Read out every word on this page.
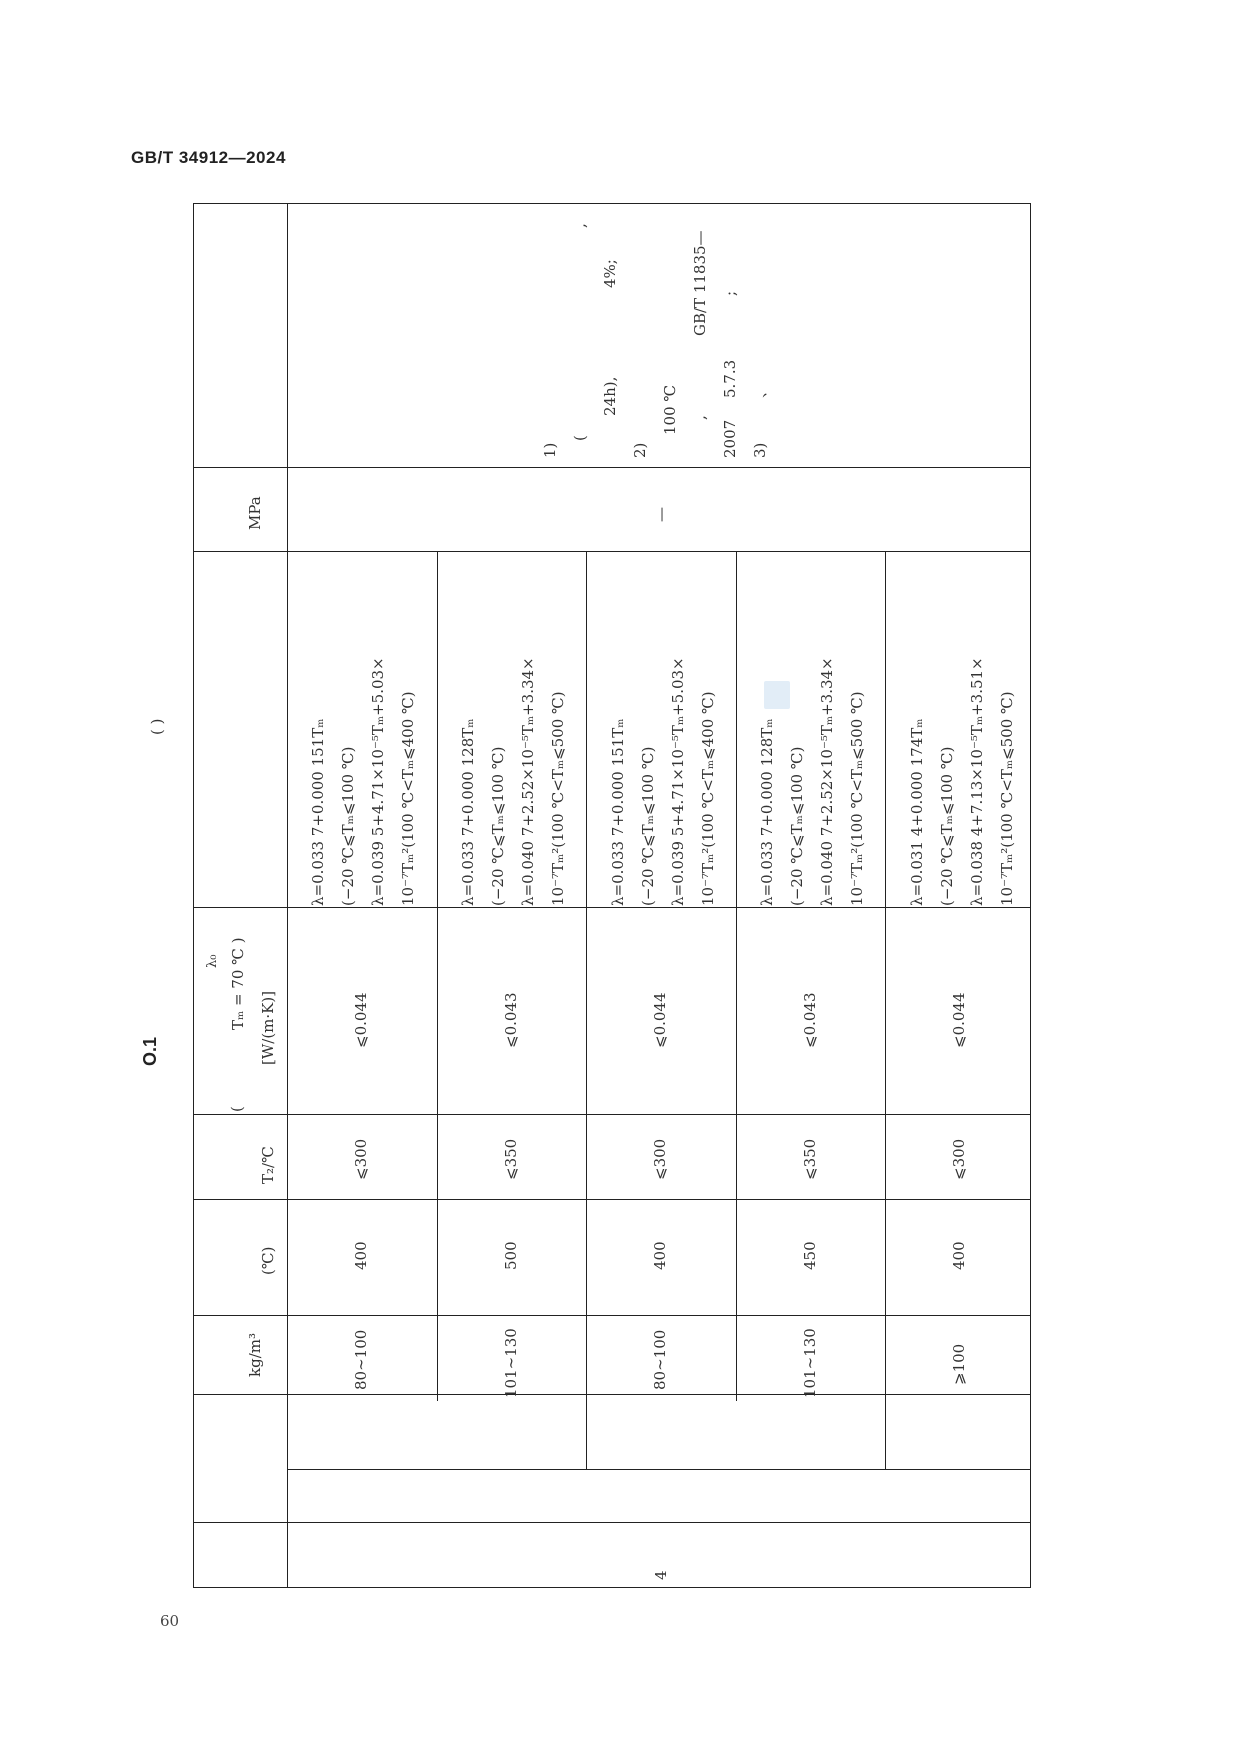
GB/T 34912—2024
O.1
( )
kg/m³
(℃)
T₂/℃
λ₀ Tₘ = 70 ℃ ) [W/(m·K)]
(
MPa
80∼100
400
⩽300
⩽0.044
λ=0.033 7+0.000 151Tₘ (−20 ℃⩽Tₘ⩽100 ℃) λ=0.039 5+4.71×10⁻⁵Tₘ+5.03× 10⁻⁷Tₘ²(100 ℃<Tₘ⩽400 ℃)
101∼130
500
⩽350
⩽0.043
λ=0.033 7+0.000 128Tₘ (−20 ℃⩽Tₘ⩽100 ℃) λ=0.040 7+2.52×10⁻⁵Tₘ+3.34× 10⁻⁷Tₘ²(100 ℃<Tₘ⩽500 ℃)
80∼100
400
⩽300
⩽0.044
λ=0.033 7+0.000 151Tₘ (−20 ℃⩽Tₘ⩽100 ℃) λ=0.039 5+4.71×10⁻⁵Tₘ+5.03× 10⁻⁷Tₘ²(100 ℃<Tₘ⩽400 ℃)
101∼130
450
⩽350
⩽0.043
λ=0.033 7+0.000 128Tₘ (−20 ℃⩽Tₘ⩽100 ℃) λ=0.040 7+2.52×10⁻⁵Tₘ+3.34× 10⁻⁷Tₘ²(100 ℃<Tₘ⩽500 ℃)
⩾100
400
⩽300
⩽0.044
λ=0.031 4+0.000 174Tₘ (−20 ℃⩽Tₘ⩽100 ℃) λ=0.038 4+7.13×10⁻⁵Tₘ+3.51× 10⁻⁷Tₘ²(100 ℃<Tₘ⩽500 ℃)
—
4
1)
(
24h),
4%;
2)
100 ℃ ,
GB/T 11835—
2007
5.7.3
;
3)
、
,
60
